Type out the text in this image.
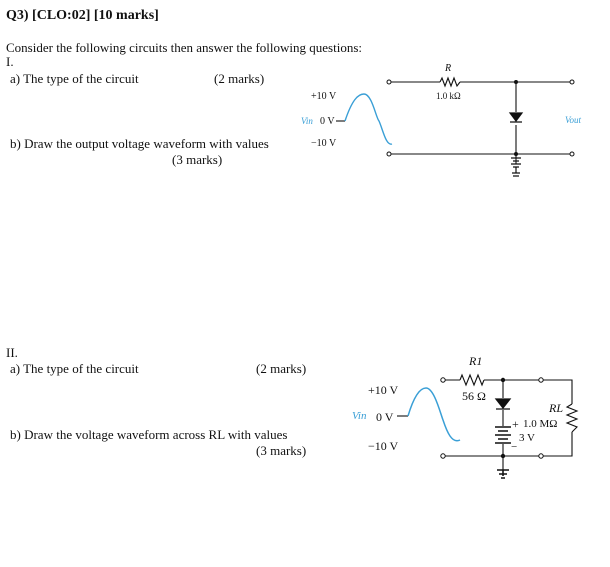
Q3) [CLO:02] [10 marks]
Consider the following circuits then answer the following questions:
I.
a) The type of the circuit	(2 marks)
b) Draw the output voltage waveform with values
(3 marks)
+10 V
Vin 0 V
−10 V
R
1.0 kΩ
Vout
II.
a) The type of the circuit	(2 marks)
b) Draw the voltage waveform across RL with values
(3 marks)
+10 V
Vin 0 V
−10 V
R1
56 Ω
RL
+ 1.0 MΩ
3 V
−
